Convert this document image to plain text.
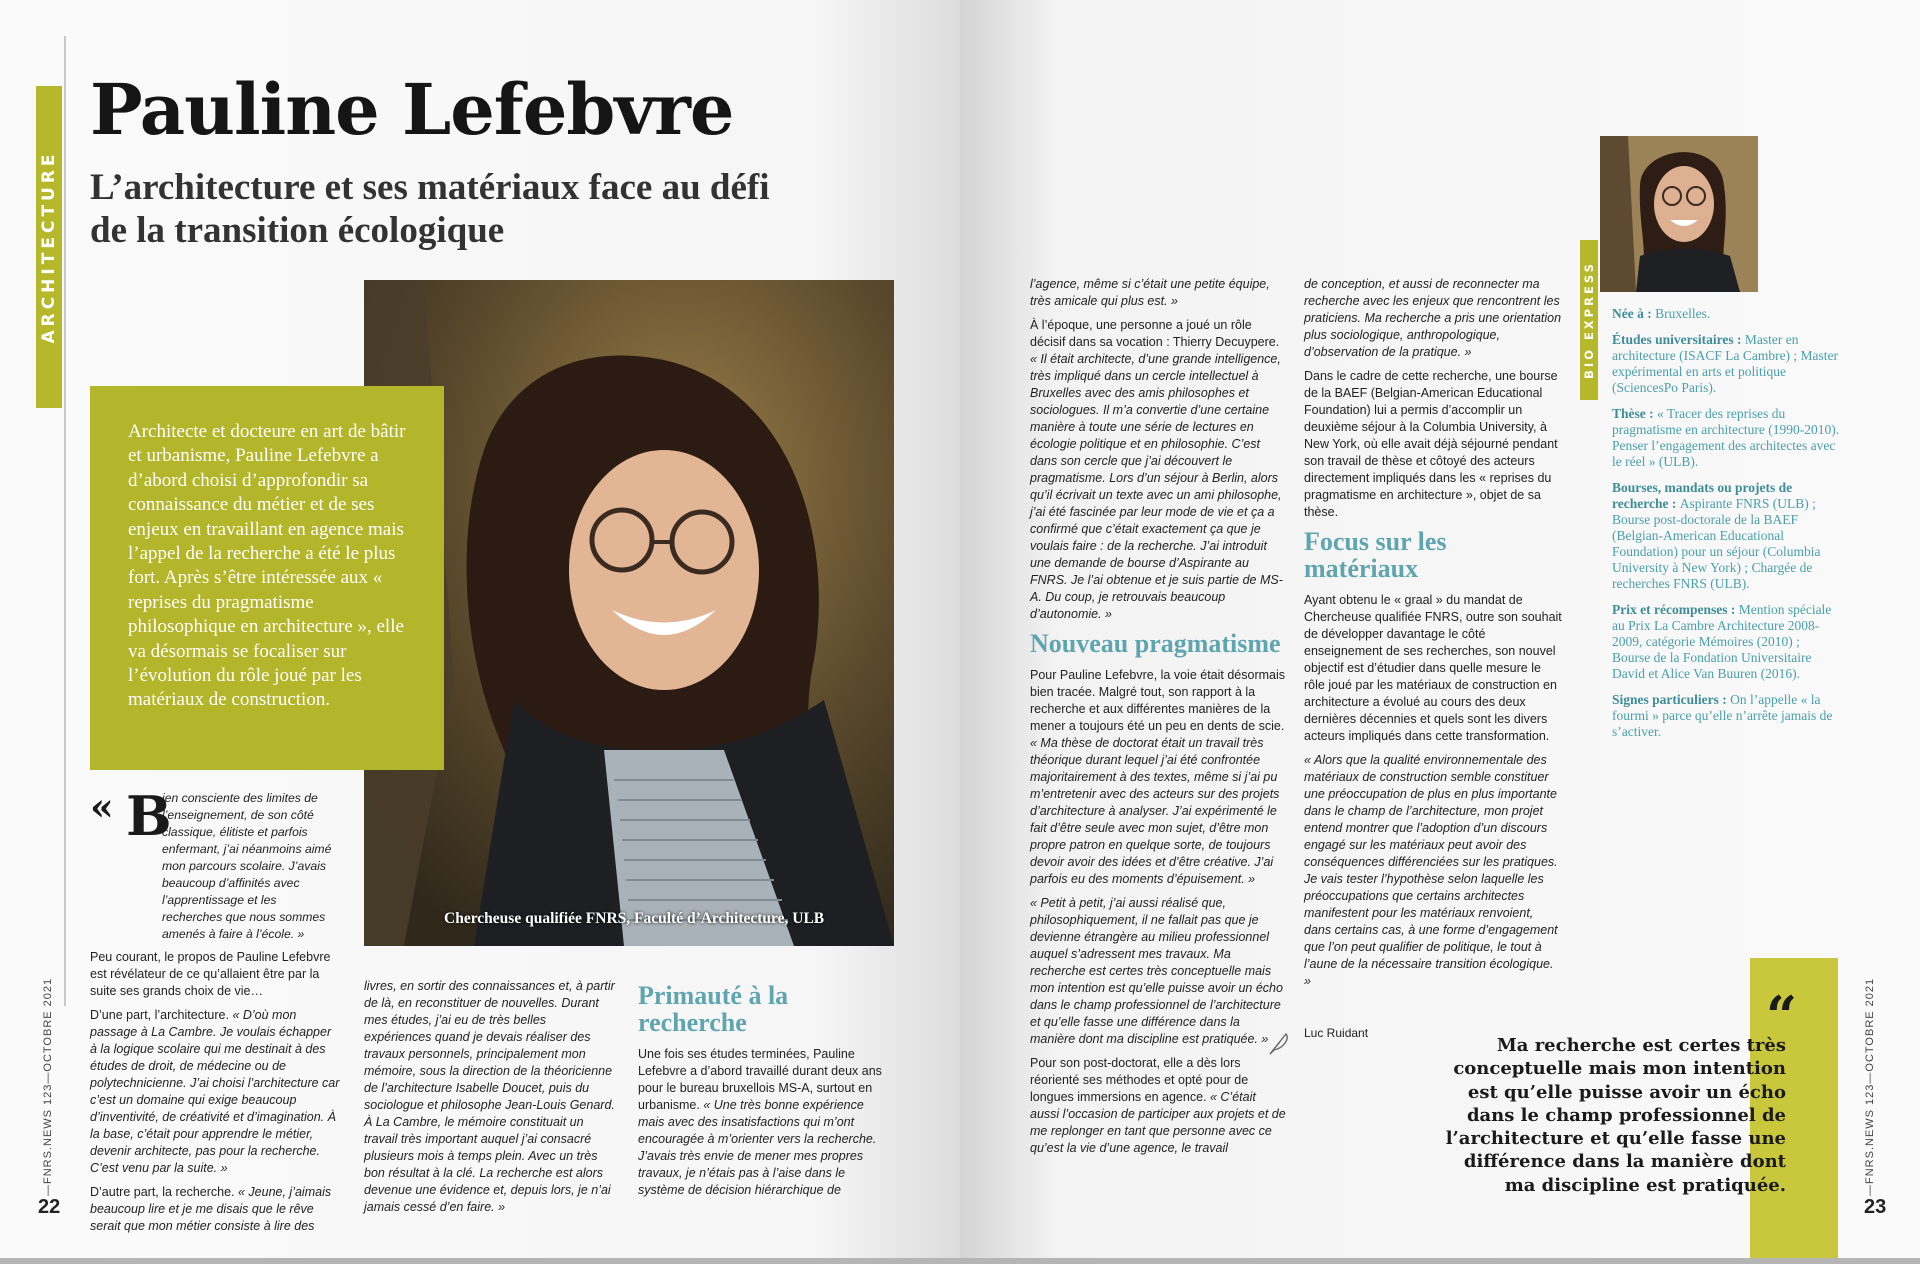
ARCHITECTURE
Pauline Lefebvre
L’architecture et ses matériaux face au défi de la transition écologique
Chercheuse qualifiée FNRS, Faculté d’Architecture, ULB

Architecte et docteure en art de bâtir et urbanisme, Pauline Lefebvre a d’abord choisi d’approfondir sa connaissance du métier et de ses enjeux en travaillant en agence mais l’appel de la recherche a été le plus fort. Après s’être intéressée aux « reprises du pragmatisme philosophique en architecture », elle va désormais se focaliser sur l’évolution du rôle joué par les matériaux de construction.

« B

ien consciente des limites de l’enseignement, de son côté classique, élitiste et parfois enfermant, j’ai néanmoins aimé mon parcours scolaire. J’avais beaucoup d’affinités avec l’apprentissage et les recherches que nous sommes amenés à faire à l’école. »

Peu courant, le propos de Pauline Lefebvre est révélateur de ce qu’allaient être par la suite ses grands choix de vie…

D’une part, l’architecture. « D’où mon passage à La Cambre. Je voulais échapper à la logique scolaire qui me destinait à des études de droit, de médecine ou de polytechnicienne. J’ai choisi l’architecture car c’est un domaine qui exige beaucoup d’inventivité, de créativité et d’imagination. À la base, c’était pour apprendre le métier, devenir architecte, pas pour la recherche. C’est venu par la suite. »

D’autre part, la recherche. « Jeune, j’aimais beaucoup lire et je me disais que le rêve serait que mon métier consiste à lire des

livres, en sortir des connaissances et, à partir de là, en reconstituer de nouvelles. Durant mes études, j’ai eu de très belles expériences quand je devais réaliser des travaux personnels, principalement mon mémoire, sous la direction de la théoricienne de l’architecture Isabelle Doucet, puis du sociologue et philosophe Jean-Louis Genard. À La Cambre, le mémoire constituait un travail très important auquel j’ai consacré plusieurs mois à temps plein. Avec un très bon résultat à la clé. La recherche est alors devenue une évidence et, depuis lors, je n’ai jamais cessé d’en faire. »

Primauté à la recherche

Une fois ses études terminées, Pauline Lefebvre a d’abord travaillé durant deux ans pour le bureau bruxellois MS-A, surtout en urbanisme. « Une très bonne expérience mais avec des insatisfactions qui m’ont encouragée à m’orienter vers la recherche. J’avais très envie de mener mes propres travaux, je n’étais pas à l’aise dans le système de décision hiérarchique de

—FNRS.NEWS 123—OCTOBRE 2021
22

l’agence, même si c’était une petite équipe, très amicale qui plus est. »

À l’époque, une personne a joué un rôle décisif dans sa vocation : Thierry Decuypere. « Il était architecte, d’une grande intelligence, très impliqué dans un cercle intellectuel à Bruxelles avec des amis philosophes et sociologues. Il m’a convertie d’une certaine manière à toute une série de lectures en écologie politique et en philosophie. C’est dans son cercle que j’ai découvert le pragmatisme. Lors d’un séjour à Berlin, alors qu’il écrivait un texte avec un ami philosophe, j’ai été fascinée par leur mode de vie et ça a confirmé que c’était exactement ça que je voulais faire : de la recherche. J’ai introduit une demande de bourse d’Aspirante au FNRS. Je l’ai obtenue et je suis partie de MS-A. Du coup, je retrouvais beaucoup d’autonomie. »

Nouveau pragmatisme

Pour Pauline Lefebvre, la voie était désormais bien tracée. Malgré tout, son rapport à la recherche et aux différentes manières de la mener a toujours été un peu en dents de scie. « Ma thèse de doctorat était un travail très théorique durant lequel j’ai été confrontée majoritairement à des textes, même si j’ai pu m’entretenir avec des acteurs sur des projets d’architecture à analyser. J’ai expérimenté le fait d’être seule avec mon sujet, d’être mon propre patron en quelque sorte, de toujours devoir avoir des idées et d’être créative. J’ai parfois eu des moments d’épuisement. »

« Petit à petit, j’ai aussi réalisé que, philosophiquement, il ne fallait pas que je devienne étrangère au milieu professionnel auquel s’adressent mes travaux. Ma recherche est certes très conceptuelle mais mon intention est qu’elle puisse avoir un écho dans le champ professionnel de l’architecture et qu’elle fasse une différence dans la manière dont ma discipline est pratiquée. »

Pour son post-doctorat, elle a dès lors réorienté ses méthodes et opté pour de longues immersions en agence. « C’était aussi l’occasion de participer aux projets et de me replonger en tant que personne avec ce qu’est la vie d’une agence, le travail

de conception, et aussi de reconnecter ma recherche avec les enjeux que rencontrent les praticiens. Ma recherche a pris une orientation plus sociologique, anthropologique, d’observation de la pratique. »

Dans le cadre de cette recherche, une bourse de la BAEF (Belgian-American Educational Foundation) lui a permis d’accomplir un deuxième séjour à la Columbia University, à New York, où elle avait déjà séjourné pendant son travail de thèse et côtoyé des acteurs directement impliqués dans les « reprises du pragmatisme en architecture », objet de sa thèse.

Focus sur les matériaux

Ayant obtenu le « graal » du mandat de Chercheuse qualifiée FNRS, outre son souhait de développer davantage le côté enseignement de ses recherches, son nouvel objectif est d’étudier dans quelle mesure le rôle joué par les matériaux de construction en architecture a évolué au cours des deux dernières décennies et quels sont les divers acteurs impliqués dans cette transformation.

« Alors que la qualité environnementale des matériaux de construction semble constituer une préoccupation de plus en plus importante dans le champ de l’architecture, mon projet entend montrer que l’adoption d’un discours engagé sur les matériaux peut avoir des conséquences différenciées sur les pratiques. Je vais tester l’hypothèse selon laquelle les préoccupations que certains architectes manifestent pour les matériaux renvoient, dans certains cas, à une forme d’engagement que l’on peut qualifier de politique, le tout à l’aune de la nécessaire transition écologique. »

Luc Ruidant
BIO EXPRESS Née à : Bruxelles.

Études universitaires : Master en architecture (ISACF La Cambre) ; Master expérimental en arts et politique (SciencesPo Paris).

Thèse : « Tracer des reprises du pragmatisme en architecture (1990-2010). Penser l’engagement des architectes avec le réel » (ULB).

Bourses, mandats ou projets de recherche : Aspirante FNRS (ULB) ; Bourse post-doctorale de la BAEF (Belgian-American Educational Foundation) pour un séjour (Columbia University à New York) ; Chargée de recherches FNRS (ULB).

Prix et récompenses : Mention spéciale au Prix La Cambre Architecture 2008-2009, catégorie Mémoires (2010) ; Bourse de la Fondation Universitaire David et Alice Van Buuren (2016).

Signes particuliers : On l’appelle « la fourmi » parce qu’elle n’arrête jamais de s’activer.

“
Ma recherche est certes très conceptuelle mais mon intention est qu’elle puisse avoir un écho dans le champ professionnel de l’architecture et qu’elle fasse une différence dans la manière dont ma discipline est pratiquée.	—FNRS.NEWS 123—OCTOBRE 2021
23
